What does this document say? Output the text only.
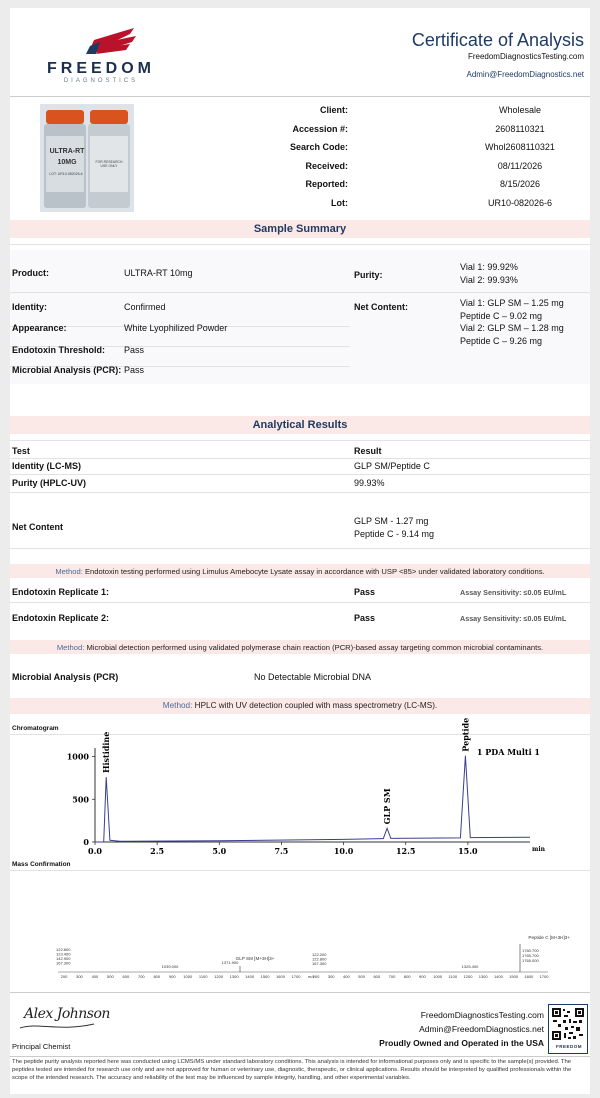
FREEDOM
DIAGNOSTICS
Certificate of Analysis
FreedomDiagnosticsTesting.com
Admin@FreedomDiagnostics.net
ULTRA-RT
10MG
LOT: UR10-082026-6
FOR RESEARCH USE ONLY
Client:	Wholesale
Accession #:	2608110321
Search Code:	Whol2608110321
Received:	08/11/2026
Reported:	8/15/2026
Lot:	UR10-082026-6
Sample Summary
Product:	ULTRA-RT 10mg	Purity:
Vial 1: 99.92%
Vial 2: 99.93%
Identity:	Confirmed	Net Content:	Vial 1: GLP SM – 1.25 mg
Peptide C – 9.02 mg
Vial 2: GLP SM – 1.28 mg
Peptide C – 9.26 mg
Appearance:	White Lyophilized Powder
Endotoxin Threshold: Pass
Microbial Analysis (PCR): Pass
Analytical Results
Test	Result
Identity (LC-MS)	GLP SM/Peptide C
Purity (HPLC-UV)	99.93%
Net Content
GLP SM - 1.27 mg
Peptide C - 9.14 mg
Method: Endotoxin testing performed using Limulus Amebocyte Lysate assay in accordance with USP <85> under validated laboratory conditions.
Endotoxin Replicate 1:	Pass	Assay Sensitivity: ≤0.05 EU/mL
Endotoxin Replicate 2:	Pass	Assay Sensitivity: ≤0.05 EU/mL
Method: Microbial detection performed using validated polymerase chain reaction (PCR)-based assay targeting common microbial contaminants.
Microbial Analysis (PCR)	No Detectable Microbial DNA
Method: HPLC with UV detection coupled with mass spectrometry (LC-MS).
Chromatogram
0.0	2.5	5.0	7.5	10.0	12.5	15.0
0
500
1000
min
1 PDA Multi 1
Histidine
GLP SM
Peptide
Mass Confirmation
200 300 400 500 600 700 800 900 1000 1100 1200 1300 1400 1500 1600 1700 m/z
122.800
123.400
142.900
167.300
1039.000
1371.900
GLP SM [M+3H]3+
200 300 400 500 600 700 800 900 1000 1100 1200 1300 1400 1500 1600 1700
122.200
122.800
167.300
1325.400
Peptide C [M+3H]3+
1760.700
1765.700
1765.000
Alex Johnson
Principal Chemist
FreedomDiagnosticsTesting.com
Admin@FreedomDiagnostics.net
Proudly Owned and Operated in the USA	FREEDOM
The peptide purity analysis reported here was conducted using LCMS/MS under standard laboratory conditions. This analysis is intended for informational purposes only and is specific to the sample(s) provided. The peptides tested are intended for research use only and are not approved for human or veterinary use, diagnostic, therapeutic, or clinical applications. Results should be interpreted by qualified professionals within the scope of the intended research. The accuracy and reliability of the test may be influenced by sample integrity, handling, and other experimental variables.
